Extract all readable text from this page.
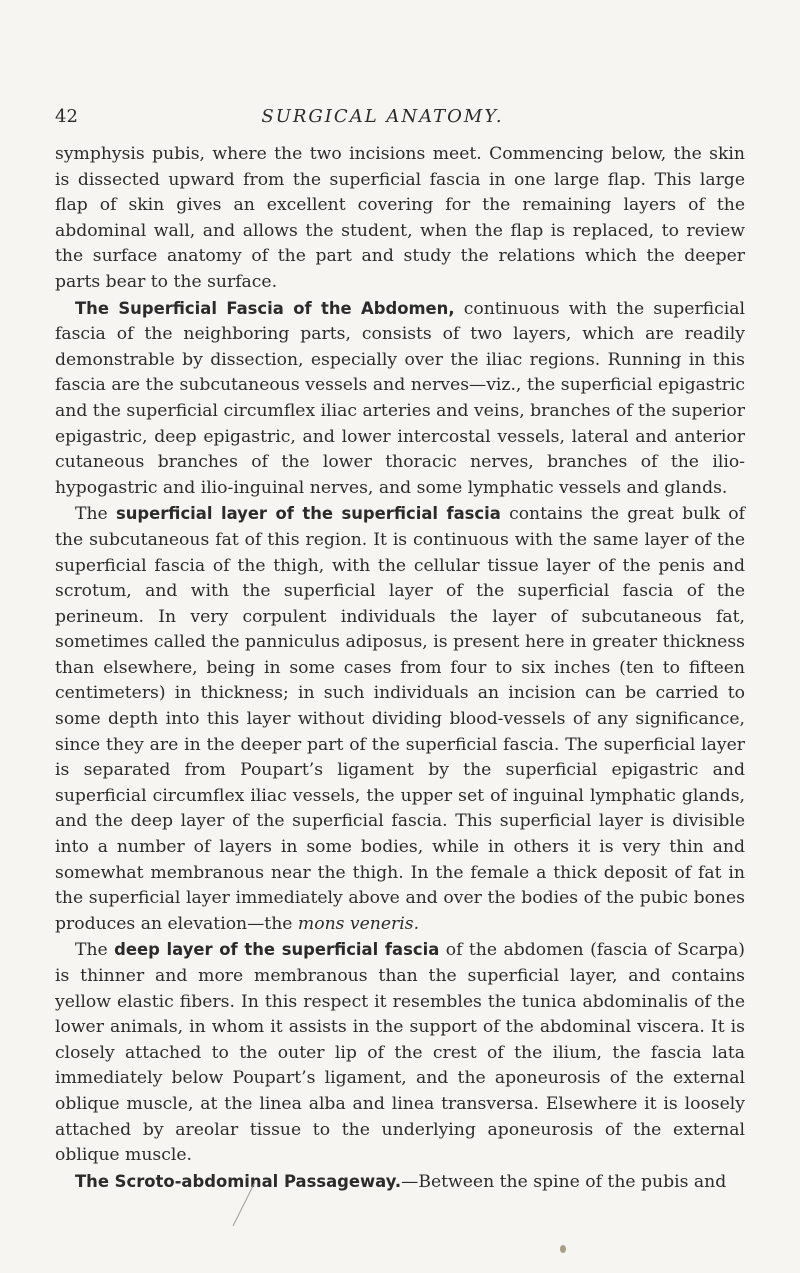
42	SURGICAL ANATOMY.

symphysis pubis, where the two incisions meet. Commencing below, the skin is dissected upward from the superficial fascia in one large flap. This large flap of skin gives an excellent covering for the remaining layers of the abdominal wall, and allows the student, when the flap is replaced, to review the surface anatomy of the part and study the relations which the deeper parts bear to the surface.

The Superficial Fascia of the Abdomen, continuous with the superficial fascia of the neighboring parts, consists of two layers, which are readily demonstrable by dissection, especially over the iliac regions. Running in this fascia are the subcutaneous vessels and nerves—viz., the superficial epigastric and the superficial circumflex iliac arteries and veins, branches of the superior epigastric, deep epigastric, and lower intercostal vessels, lateral and anterior cutaneous branches of the lower thoracic nerves, branches of the ilio-hypogastric and ilio-inguinal nerves, and some lymphatic vessels and glands.

The superficial layer of the superficial fascia contains the great bulk of the subcutaneous fat of this region. It is continuous with the same layer of the superficial fascia of the thigh, with the cellular tissue layer of the penis and scrotum, and with the superficial layer of the superficial fascia of the perineum. In very corpulent individuals the layer of subcutaneous fat, sometimes called the panniculus adiposus, is present here in greater thickness than elsewhere, being in some cases from four to six inches (ten to fifteen centimeters) in thickness; in such individuals an incision can be carried to some depth into this layer without dividing blood-vessels of any significance, since they are in the deeper part of the superficial fascia. The superficial layer is separated from Poupart’s ligament by the superficial epigastric and superficial circumflex iliac vessels, the upper set of inguinal lymphatic glands, and the deep layer of the superficial fascia. This superficial layer is divisible into a number of layers in some bodies, while in others it is very thin and somewhat membranous near the thigh. In the female a thick deposit of fat in the superficial layer immediately above and over the bodies of the pubic bones produces an elevation—the mons veneris.

The deep layer of the superficial fascia of the abdomen (fascia of Scarpa) is thinner and more membranous than the superficial layer, and contains yellow elastic fibers. In this respect it resembles the tunica abdominalis of the lower animals, in whom it assists in the support of the abdominal viscera. It is closely attached to the outer lip of the crest of the ilium, the fascia lata immediately below Poupart’s ligament, and the aponeurosis of the external oblique muscle, at the linea alba and linea transversa. Elsewhere it is loosely attached by areolar tissue to the underlying aponeurosis of the external oblique muscle.

The Scroto-abdominal Passageway.—Between the spine of the pubis and
